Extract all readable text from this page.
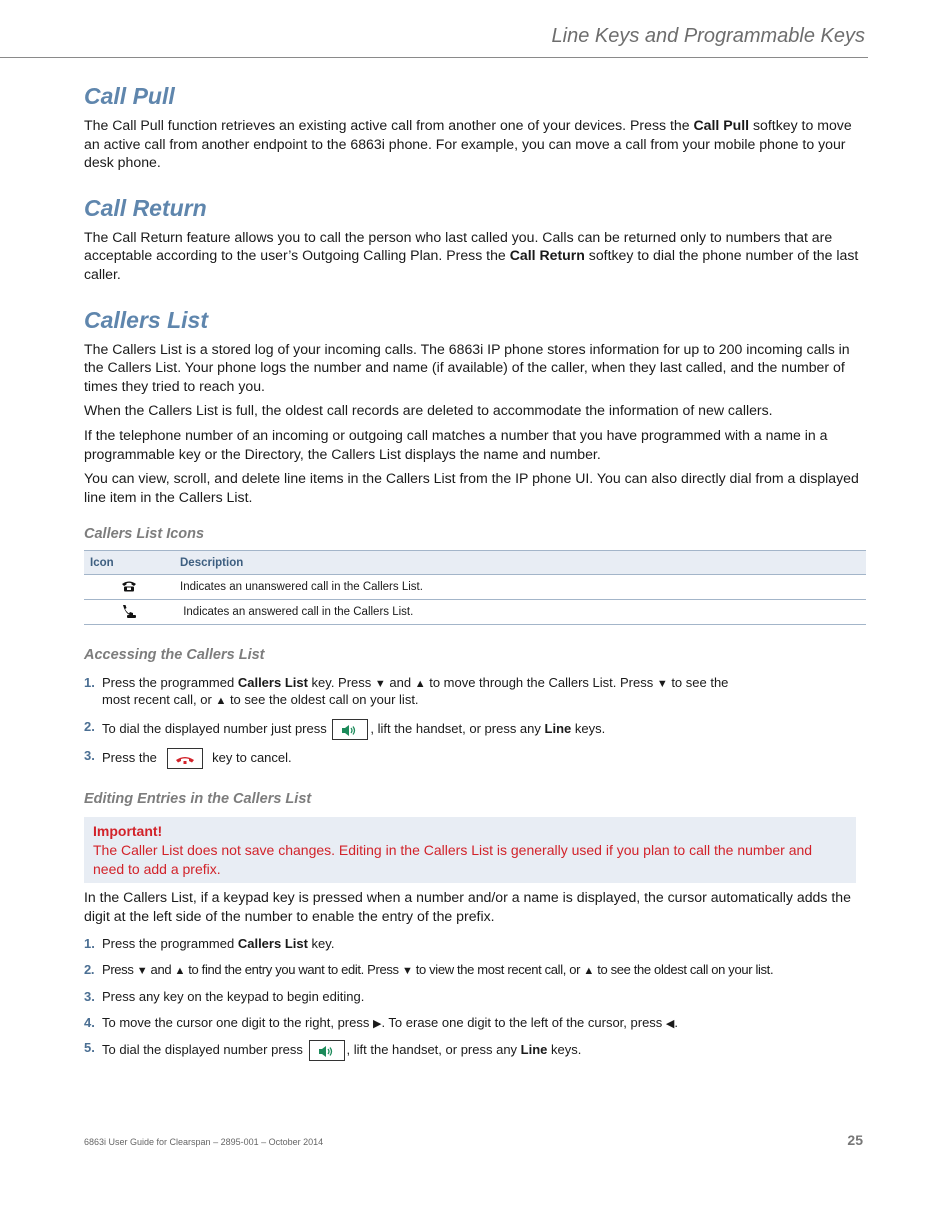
Line Keys and Programmable Keys
Call Pull

The Call Pull function retrieves an existing active call from another one of your devices. Press the Call Pull softkey to move an active call from another endpoint to the 6863i phone. For example, you can move a call from your mobile phone to your desk phone.

Call Return

The Call Return feature allows you to call the person who last called you. Calls can be returned only to numbers that are acceptable according to the user’s Outgoing Calling Plan. Press the Call Return softkey to dial the phone number of the last caller.

Callers List

The Callers List is a stored log of your incoming calls. The 6863i IP phone stores information for up to 200 incoming calls in the Callers List. Your phone logs the number and name (if available) of the caller, when they last called, and the number of times they tried to reach you.

When the Callers List is full, the oldest call records are deleted to accommodate the information of new callers.

If the telephone number of an incoming or outgoing call matches a number that you have programmed with a name in a programmable key or the Directory, the Callers List displays the name and number.

You can view, scroll, and delete line items in the Callers List from the IP phone UI. You can also directly dial from a displayed line item in the Callers List.

Callers List Icons
Icon	Description
	Indicates an unanswered call in the Callers List.
	Indicates an answered call in the Callers List.
Accessing the Callers List
1. Press the programmed Callers List key. Press ▼ and ▲ to move through the Callers List. Press ▼ to see the most recent call, or ▲ to see the oldest call on your list.
2. To dial the displayed number just press	, lift the handset, or press any Line keys.
3. Press the	key to cancel.
Editing Entries in the Callers List
Important!
The Caller List does not save changes. Editing in the Callers List is generally used if you plan to call the number and need to add a prefix.

In the Callers List, if a keypad key is pressed when a number and/or a name is displayed, the cursor automatically adds the digit at the left side of the number to enable the entry of the prefix.

1. Press the programmed Callers List key.
2. Press ▼ and ▲ to find the entry you want to edit. Press ▼ to view the most recent call, or ▲ to see the oldest call on your list.
3. Press any key on the keypad to begin editing.
4. To move the cursor one digit to the right, press ▶. To erase one digit to the left of the cursor, press ◀.
5. To dial the displayed number press	, lift the handset, or press any Line keys.
6863i User Guide for Clearspan – 2895-001 – October 2014	25
